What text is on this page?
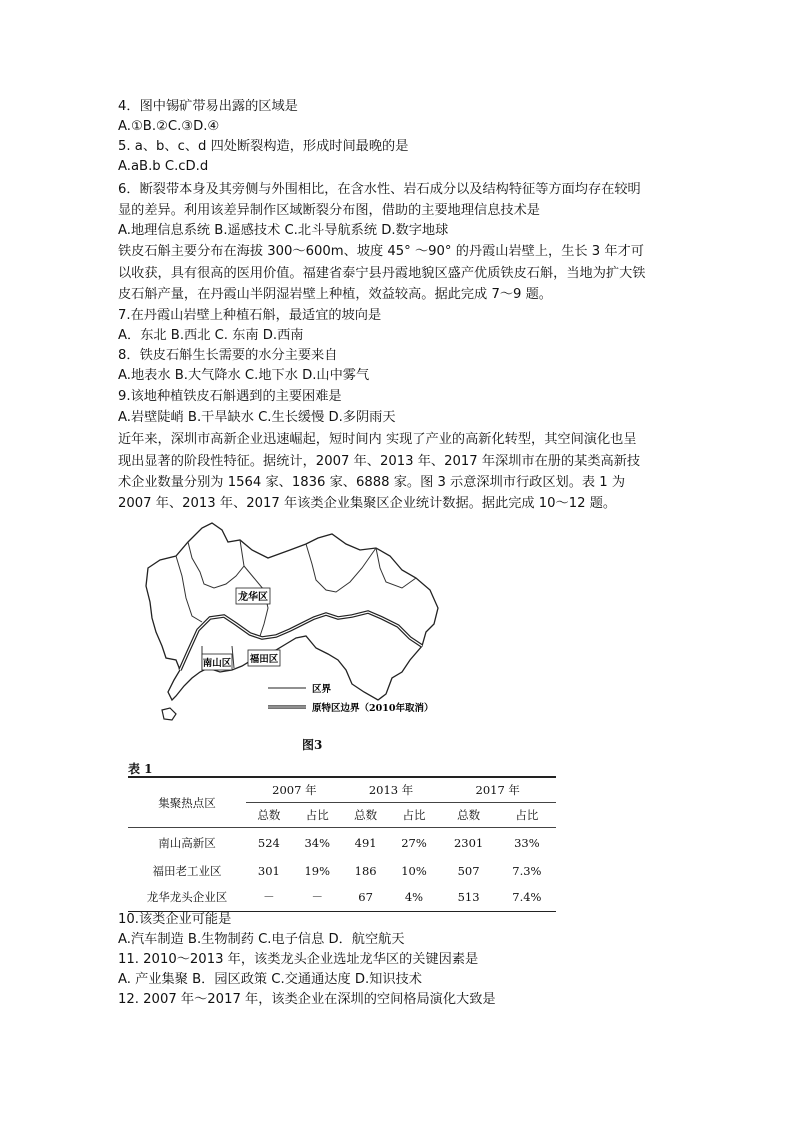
4．图中锡矿带易出露的区域是
A.①B.②C.③D.④
5. a、b、c、d 四处断裂构造，形成时间最晚的是
A.aB.b C.cD.d
6．断裂带本身及其旁侧与外围相比，在含水性、岩石成分以及结构特征等方面均存在较明
显的差异。利用该差异制作区域断裂分布图，借助的主要地理信息技术是
A.地理信息系统 B.遥感技术 C.北斗导航系统 D.数字地球
铁皮石斛主要分布在海拔 300～600m、坡度 45° ～90° 的丹霞山岩壁上，生长 3 年才可
以收获，具有很高的医用价值。福建省泰宁县丹霞地貌区盛产优质铁皮石斛，当地为扩大铁
皮石斛产量，在丹霞山半阴湿岩壁上种植，效益较高。据此完成 7～9 题。
7.在丹霞山岩壁上种植石斛，最适宜的坡向是
A．东北 B.西北 C. 东南 D.西南
8．铁皮石斛生长需要的水分主要来自
A.地表水 B.大气降水 C.地下水 D.山中雾气
9.该地种植铁皮石斛遇到的主要困难是
A.岩壁陡峭 B.干旱缺水 C.生长缓慢 D.多阴雨天
近年来，深圳市高新企业迅速崛起，短时间内 实现了产业的高新化转型，其空间演化也呈
现出显著的阶段性特征。据统计，2007 年、2013 年、2017 年深圳市在册的某类高新技
术企业数量分别为 1564 家、1836 家、6888 家。图 3 示意深圳市行政区划。表 1 为
2007 年、2013 年、2017 年该类企业集聚区企业统计数据。据此完成 10～12 题。
龙华区
南山区 福田区
区界
原特区边界（2010年取消）
图3
表 1
集聚热点区	2007 年		2013 年		2017 年	
	总数	占比	总数	占比	总数	占比
南山高新区	524	34%	491	27%	2301	33%
福田老工业区	301	19%	186	10%	507	7.3%
龙华龙头企业区	－	－	67	4%	513	7.4%
10.该类企业可能是
A.汽车制造 B.生物制药 C.电子信息 D．航空航天
11. 2010～2013 年，该类龙头企业选址龙华区的关键因素是
A. 产业集聚 B．园区政策 C.交通通达度 D.知识技术
12. 2007 年～2017 年，该类企业在深圳的空间格局演化大致是
